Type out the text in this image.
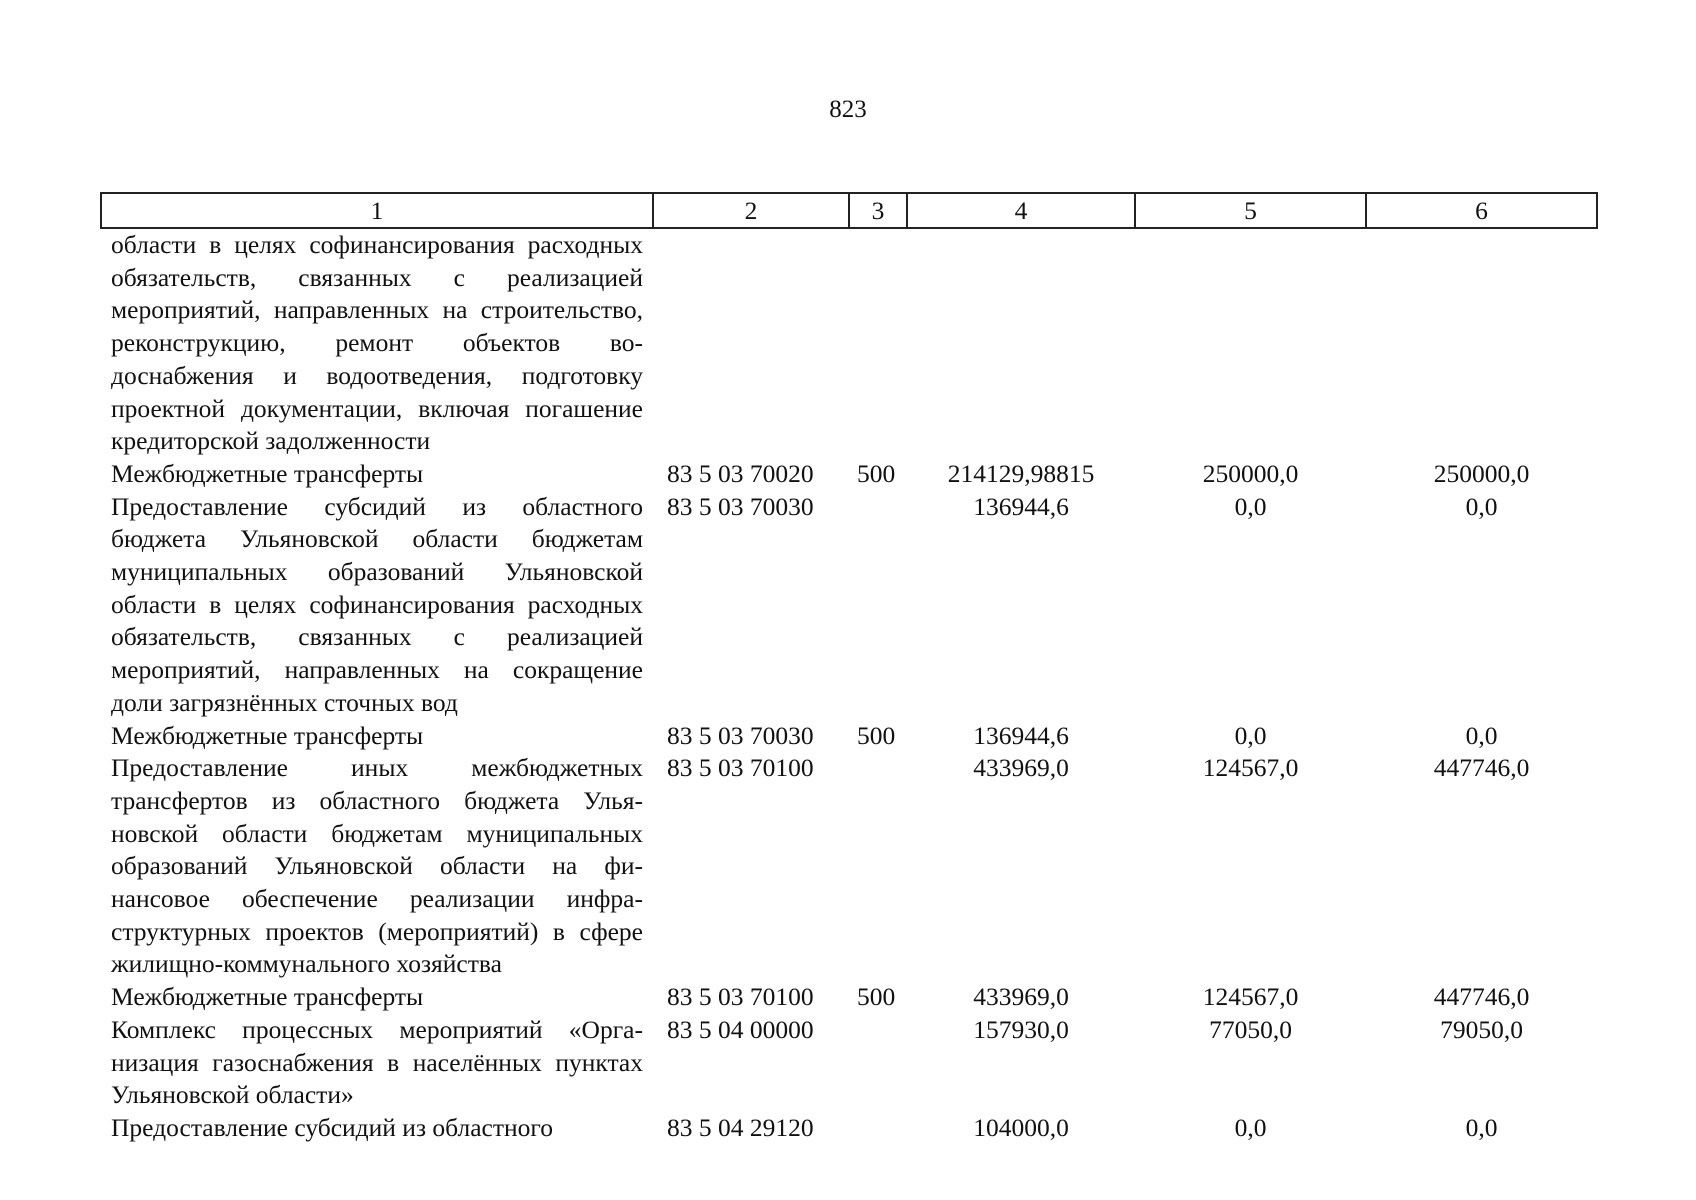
823
1	2	3	4	5	6
области в целях софинансирования расходных обязательств, связанных с реализацией мероприятий, направленных на строительство, реконструкцию, ремонт объектов водоснабжения и водоотведения, подготовку проектной документации, включая погашение кредиторской задолженности					
Межбюджетные трансферты	83 5 03 70020	500	214129,98815	250000,0	250000,0
Предоставление субсидий из областного бюджета Ульяновской области бюджетам муниципальных образований Ульяновской области в целях софинансирования расходных обязательств, связанных с реализацией мероприятий, направленных на сокращение доли загрязнённых сточных вод	83 5 03 70030		136944,6	0,0	0,0
Межбюджетные трансферты	83 5 03 70030	500	136944,6	0,0	0,0
Предоставление иных межбюджетных трансфертов из областного бюджета Ульяновской области бюджетам муниципальных образований Ульяновской области на финансовое обеспечение реализации инфраструктурных проектов (мероприятий) в сфере жилищно-коммунального хозяйства	83 5 03 70100		433969,0	124567,0	447746,0
Межбюджетные трансферты	83 5 03 70100	500	433969,0	124567,0	447746,0
Комплекс процессных мероприятий «Организация газоснабжения в населённых пунктах Ульяновской области»	83 5 04 00000		157930,0	77050,0	79050,0
Предоставление субсидий из областного	83 5 04 29120		104000,0	0,0	0,0
